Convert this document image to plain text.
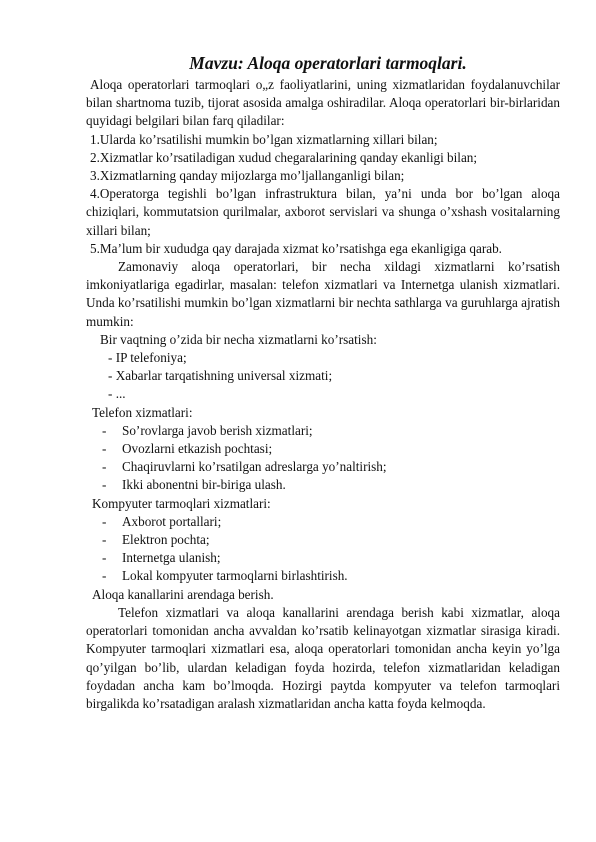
Mavzu: Aloqa operatorlari tarmoqlari.

Aloqa operatorlari tarmoqlari o„z faoliyatlarini, uning xizmatlaridan foydalanuvchilar bilan shartnoma tuzib, tijorat asosida amalga oshiradilar. Aloqa operatorlari bir-birlaridan quyidagi belgilari bilan farq qiladilar:

1.Ularda ko’rsatilishi mumkin bo’lgan xizmatlarning xillari bilan;

2.Xizmatlar ko’rsatiladigan xudud chegaralarining qanday ekanligi bilan;

3.Xizmatlarning qanday mijozlarga mo’ljallanganligi bilan;

4.Operatorga tegishli bo’lgan infrastruktura bilan, ya’ni unda bor bo’lgan aloqa chiziqlari, kommutatsion qurilmalar, axborot servislari va shunga o’xshash vositalarning xillari bilan;

5.Ma’lum bir xududga qay darajada xizmat ko’rsatishga ega ekanligiga qarab.

Zamonaviy aloqa operatorlari, bir necha xildagi xizmatlarni ko’rsatish imkoniyatlariga egadirlar, masalan: telefon xizmatlari va Internetga ulanish xizmatlari. Unda ko’rsatilishi mumkin bo’lgan xizmatlarni bir nechta sathlarga va guruhlarga ajratish mumkin:

Bir vaqtning o’zida bir necha xizmatlarni ko’rsatish:

- IP telefoniya;

- Xabarlar tarqatishning universal xizmati;

- ...

Telefon xizmatlari:

-	So’rovlarga javob berish xizmatlari;
-	Ovozlarni etkazish pochtasi;
-	Chaqiruvlarni ko’rsatilgan adreslarga yo’naltirish;
-	Ikki abonentni bir-biriga ulash.

Kompyuter tarmoqlari xizmatlari:

-	Axborot portallari;
-	Elektron pochta;
-	Internetga ulanish;
-	Lokal kompyuter tarmoqlarni birlashtirish.

Aloqa kanallarini arendaga berish.

Telefon xizmatlari va aloqa kanallarini arendaga berish kabi xizmatlar, aloqa operatorlari tomonidan ancha avvaldan ko’rsatib kelinayotgan xizmatlar sirasiga kiradi. Kompyuter tarmoqlari xizmatlari esa, aloqa operatorlari tomonidan ancha keyin yo’lga qo’yilgan bo’lib, ulardan keladigan foyda hozirda, telefon xizmatlaridan keladigan foydadan ancha kam bo’lmoqda. Hozirgi paytda kompyuter va telefon tarmoqlari birgalikda ko’rsatadigan aralash xizmatlaridan ancha katta foyda kelmoqda.
